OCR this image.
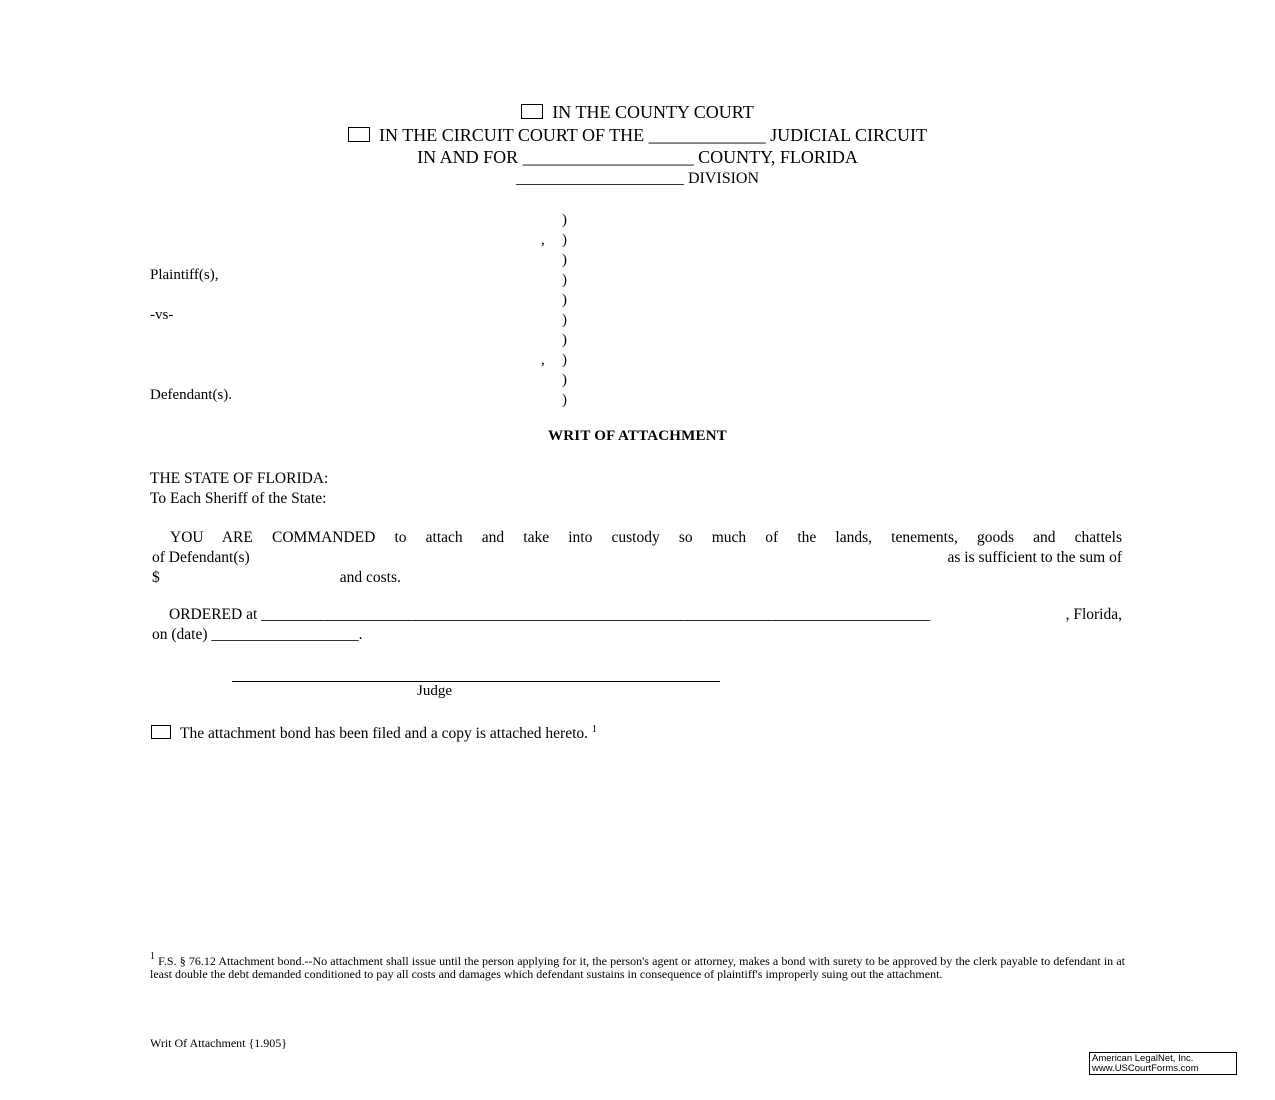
IN THE COUNTY COURT
IN THE CIRCUIT COURT OF THE _____________ JUDICIAL CIRCUIT
IN AND FOR ___________________ COUNTY, FLORIDA
_____________________ DIVISION
)
)
)
)
)
)
)
)
)
)
,
,
Plaintiff(s),
-vs-
Defendant(s).
WRIT OF ATTACHMENT
THE STATE OF FLORIDA:
To Each Sheriff of the State:
YOU ARE COMMANDED to attach and take into custody so much of the lands, tenements, goods and chattels
of Defendant(s)	as is sufficient to the sum of
$	and costs.
ORDERED at
___________________________________________________________________________________________	, Florida,
on (date) ___________________.
Judge
The attachment bond has been filed and a copy is attached hereto. $^1$
$^1$ F.S. § 76.12 Attachment bond.--No attachment shall issue until the person applying for it, the person's agent or attorney, makes a bond with surety to be approved by the clerk payable to defendant in at least double the debt demanded conditioned to pay all costs and damages which defendant sustains in consequence of plaintiff's improperly suing out the attachment.
Writ Of Attachment {1.905}
American LegalNet, Inc.
www.USCourtForms.com
